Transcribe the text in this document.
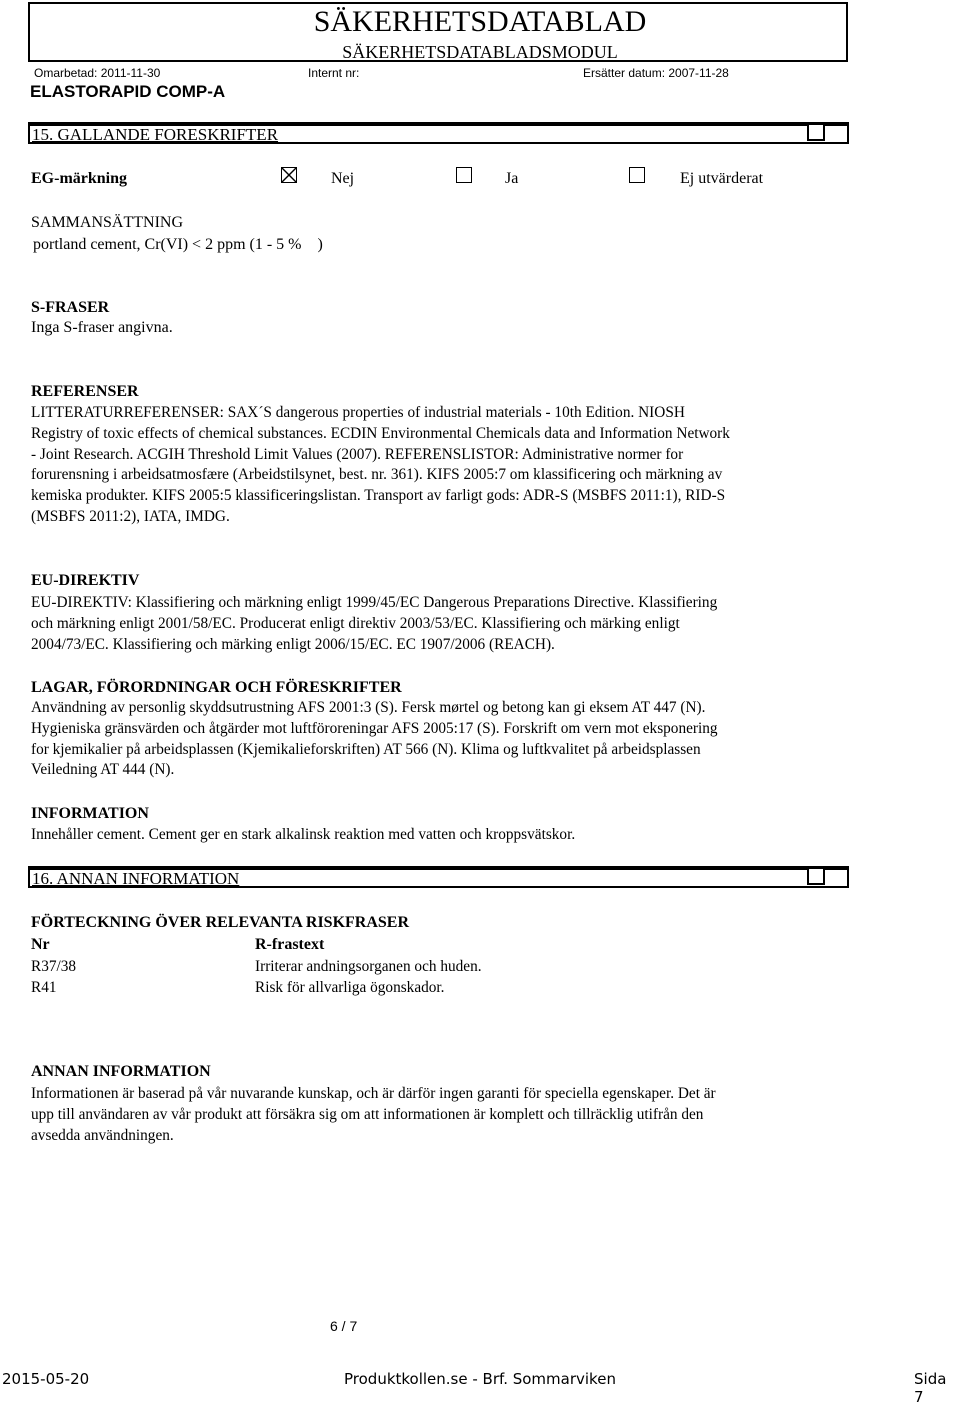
SÄKERHETSDATABLAD
SÄKERHETSDATABLADSMODUL
Omarbetad: 2011-11-30	Internt nr:	Ersätter datum: 2007-11-28
ELASTORAPID COMP-A
15. GALLANDE FORESKRIFTER
EG-märkning	Nej	Ja	Ej utvärderat
SAMMANSÄTTNING
portland cement, Cr(VI) < 2 ppm (1 - 5 %    )
S-FRASER
Inga S-fraser angivna.
REFERENSER
LITTERATURREFERENSER: SAX´S dangerous properties of industrial materials - 10th Edition. NIOSH
Registry of toxic effects of chemical substances. ECDIN Environmental Chemicals data and Information Network
- Joint Research. ACGIH Threshold Limit Values (2007). REFERENSLISTOR: Administrative normer for
forurensning i arbeidsatmosfære (Arbeidstilsynet, best. nr. 361). KIFS 2005:7 om klassificering och märkning av
kemiska produkter. KIFS 2005:5 klassificeringslistan. Transport av farligt gods: ADR-S (MSBFS 2011:1), RID-S
(MSBFS 2011:2), IATA, IMDG.
EU-DIREKTIV
EU-DIREKTIV: Klassifiering och märkning enligt 1999/45/EC Dangerous Preparations Directive. Klassifiering
och märkning enligt 2001/58/EC. Producerat enligt direktiv 2003/53/EC. Klassifiering och märking enligt
2004/73/EC. Klassifiering och märking enligt 2006/15/EC. EC 1907/2006 (REACH).
LAGAR, FÖRORDNINGAR OCH FÖRESKRIFTER
Användning av personlig skyddsutrustning AFS 2001:3 (S). Fersk mørtel og betong kan gi eksem AT 447 (N).
Hygieniska gränsvärden och åtgärder mot luftföroreningar AFS 2005:17 (S). Forskrift om vern mot eksponering
for kjemikalier på arbeidsplassen (Kjemikalieforskriften) AT 566 (N). Klima og luftkvalitet på arbeidsplassen
Veiledning AT 444 (N).
INFORMATION
Innehåller cement. Cement ger en stark alkalinsk reaktion med vatten och kroppsvätskor.
16. ANNAN INFORMATION
FÖRTECKNING ÖVER RELEVANTA RISKFRASER
Nr	R-frastext
R37/38	Irriterar andningsorganen och huden.
R41	Risk för allvarliga ögonskador.
ANNAN INFORMATION
Informationen är baserad på vår nuvarande kunskap, och är därför ingen garanti för speciella egenskaper. Det är
upp till användaren av vår produkt att försäkra sig om att informationen är komplett och tillräcklig utifrån den
avsedda användningen.
6 / 7
2015-05-20	Produktkollen.se - Brf. Sommarviken	Sida 7
